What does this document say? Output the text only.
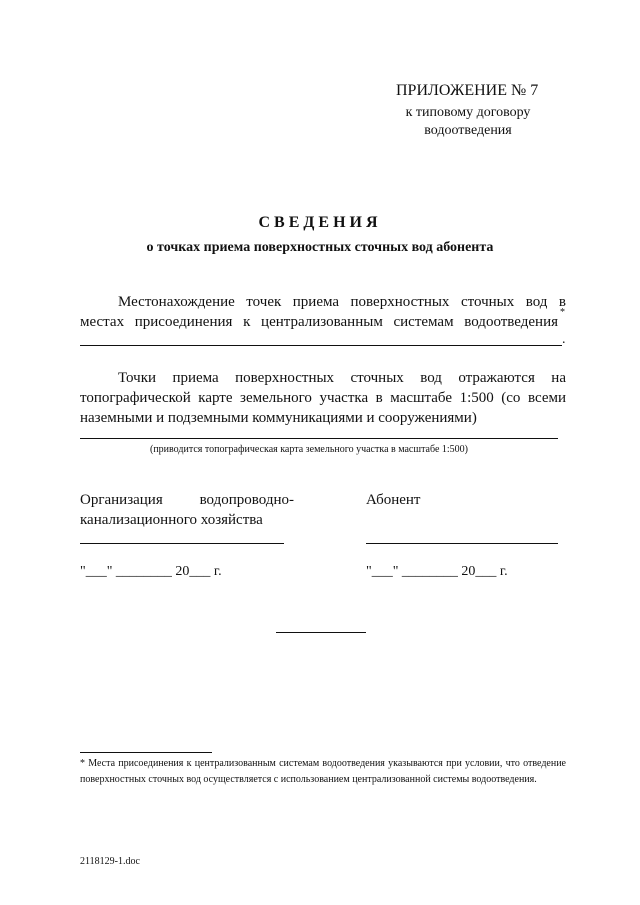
ПРИЛОЖЕНИЕ № 7
к типовому договору
водоотведения
СВЕДЕНИЯ
о точках приема поверхностных сточных вод абонента
Местонахождение точек приема поверхностных сточных вод в
местах присоединения к централизованным системам водоотведения
*
.
Точки приема поверхностных сточных вод отражаются на
топографической карте земельного участка в масштабе 1:500 (со всеми
наземными и подземными коммуникациями и сооружениями)
(приводится топографическая карта земельного участка в масштабе 1:500)
Организация водопроводно-
канализационного хозяйства
Абонент
"___" ________ 20___ г.	"___" ________ 20___ г.
* Места присоединения к централизованным системам водоотведения указываются при условии, что отведение поверхностных сточных вод осуществляется с использованием централизованной системы водоотведения.
2118129-1.doc
